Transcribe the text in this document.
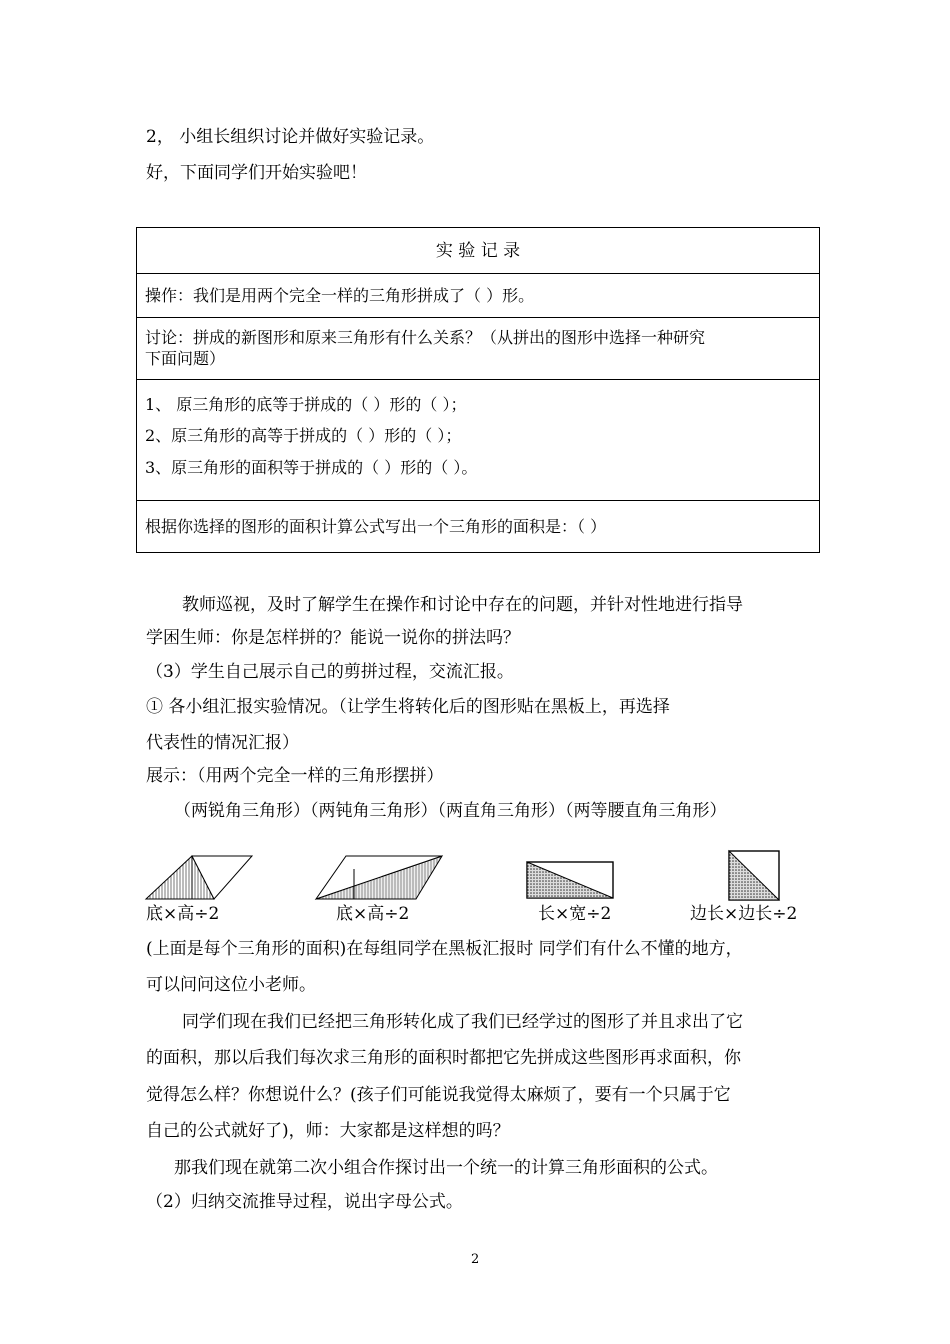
2， 小组长组织讨论并做好实验记录。
好，下面同学们开始实验吧！
实 验 记 录
操作：我们是用两个完全一样的三角形拼成了（ ）形。
讨论：拼成的新图形和原来三角形有什么关系？（从拼出的图形中选择一种研究
下面问题）
1、 原三角形的底等于拼成的（ ）形的（ ）；
2、原三角形的高等于拼成的（ ）形的（ ）；
3、原三角形的面积等于拼成的（ ）形的（ ）。
根据你选择的图形的面积计算公式写出一个三角形的面积是：（ ）
教师巡视，及时了解学生在操作和讨论中存在的问题，并针对性地进行指导
学困生师：你是怎样拼的？能说一说你的拼法吗？
（3）学生自己展示自己的剪拼过程，交流汇报。
① 各小组汇报实验情况。（让学生将转化后的图形贴在黑板上，再选择
代表性的情况汇报）
展示：（用两个完全一样的三角形摆拼）
（两锐角三角形）（两钝角三角形）（两直角三角形）（两等腰直角三角形）
底×高÷2	底×高÷2	长×宽÷2	边长×边长÷2
(上面是每个三角形的面积)在每组同学在黑板汇报时 同学们有什么不懂的地方，
可以问问这位小老师。
同学们现在我们已经把三角形转化成了我们已经学过的图形了并且求出了它
的面积，那以后我们每次求三角形的面积时都把它先拼成这些图形再求面积，你
觉得怎么样？你想说什么？(孩子们可能说我觉得太麻烦了，要有一个只属于它
自己的公式就好了)，师：大家都是这样想的吗？
那我们现在就第二次小组合作探讨出一个统一的计算三角形面积的公式。
（2）归纳交流推导过程，说出字母公式。
2
